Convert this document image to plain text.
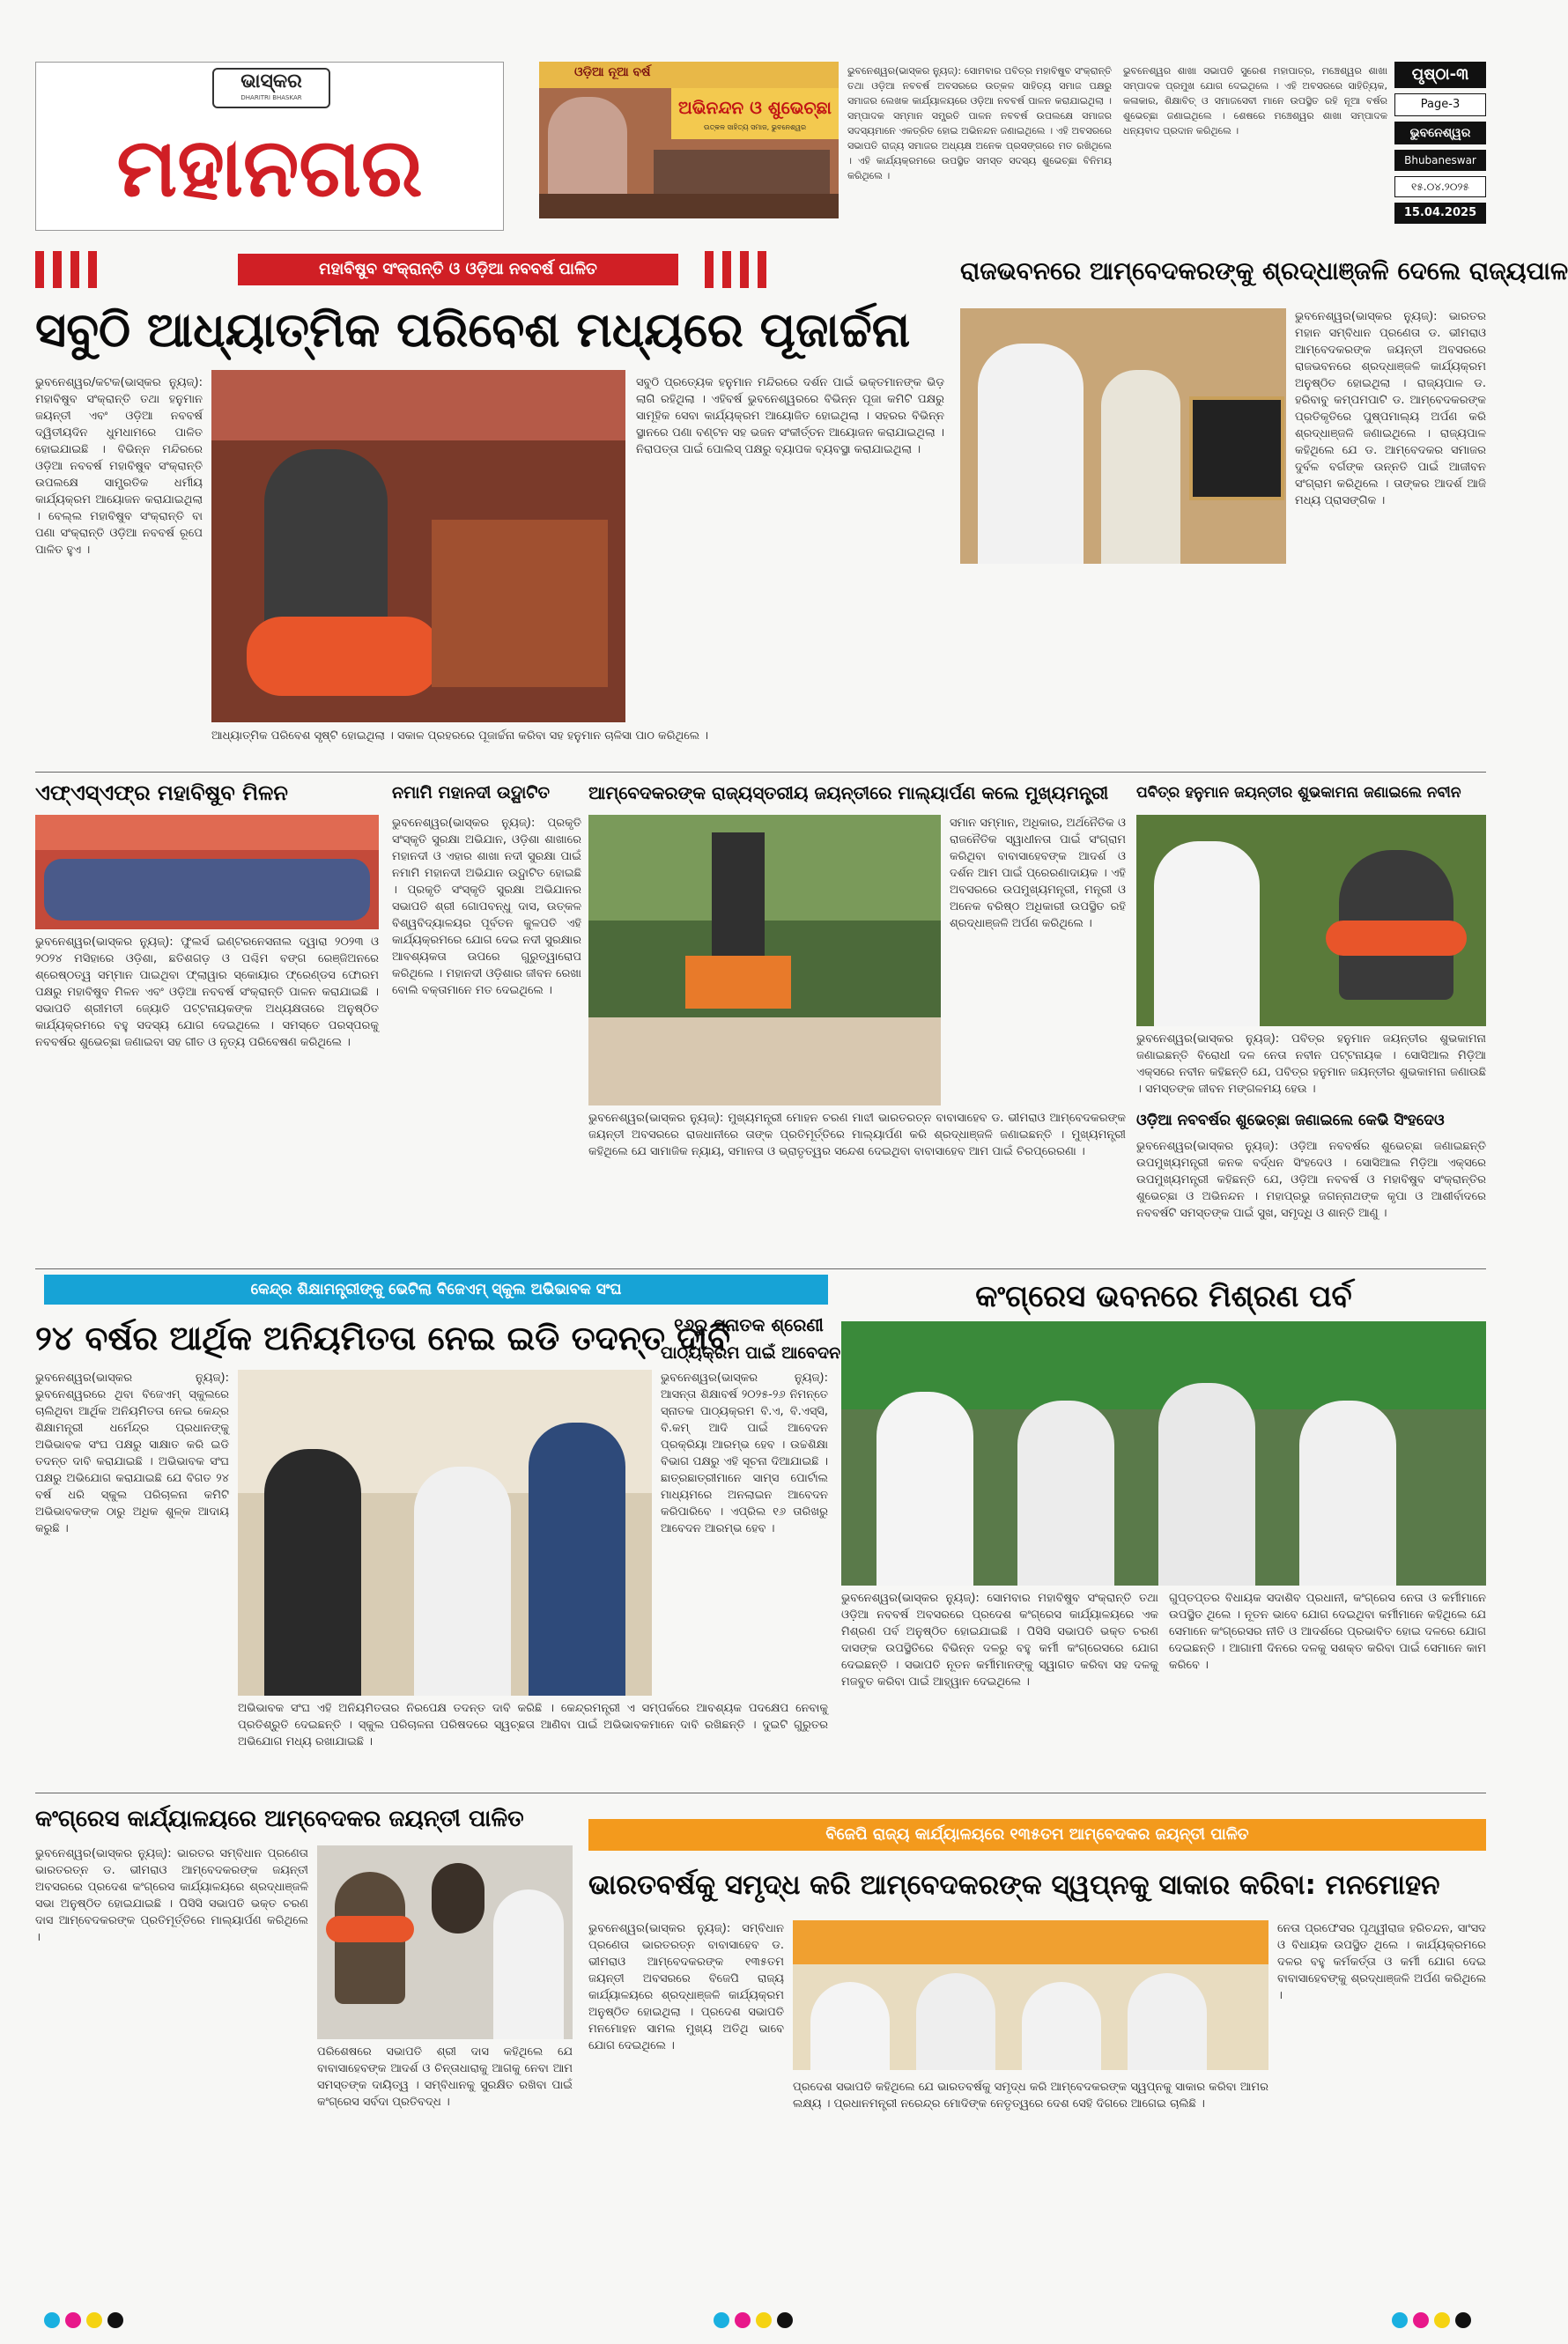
ଭାସ୍କର
DHARITRI BHASKAR
ମହାନଗର
ଓଡ଼ିଆ ନୂଆ ବର୍ଷ
ଅଭିନନ୍ଦନ ଓ ଶୁଭେଚ୍ଛା
ଉତ୍କଳ ସାହିତ୍ୟ ସମାଜ, ଭୁବନେଶ୍ୱର
ଭୁବନେଶ୍ୱର(ଭାସ୍କର ନ୍ୟୁଜ୍): ସୋମବାର ପବିତ୍ର ମହାବିଷୁବ ସଂକ୍ରାନ୍ତି ତଥା ଓଡ଼ିଆ ନବବର୍ଷ ଅବସରରେ ଉତ୍କଳ ସାହିତ୍ୟ ସମାଜ ପକ୍ଷରୁ ସମାଜର ଲେଖକ କାର୍ଯ୍ୟାଳୟରେ ଓଡ଼ିଆ ନବବର୍ଷ ପାଳନ କରାଯାଇଥିଲା । ସମ୍ପାଦକ ସମ୍ମାନ ସମ୍ପ୍ରତି ପାଳନ ନବବର୍ଷ ଉପଲକ୍ଷେ ସମାଜର ସଦସ୍ୟମାନେ ଏକତ୍ରିତ ହୋଇ ଅଭିନନ୍ଦନ ଜଣାଇଥିଲେ । ଏହି ଅବସରରେ ସଭାପତି ରାଜ୍ୟ ସମାଜର ଅଧ୍ୟକ୍ଷ ଅନେକ ପ୍ରସଙ୍ଗରେ ମତ ରଖିଥିଲେ । ଏହି କାର୍ଯ୍ୟକ୍ରମରେ ଉପସ୍ଥିତ ସମସ୍ତ ସଦସ୍ୟ ଶୁଭେଚ୍ଛା ବିନିମୟ କରିଥିଲେ ।
ଭୁବନେଶ୍ୱର ଶାଖା ସଭାପତି ସୁରେଶ ମହାପାତ୍ର, ମଞ୍ଚେଶ୍ୱର ଶାଖା ସମ୍ପାଦକ ପ୍ରମୁଖ ଯୋଗ ଦେଇଥିଲେ । ଏହି ଅବସରରେ ସାହିତ୍ୟିକ, କଳାକାର, ଶିକ୍ଷାବିତ୍ ଓ ସମାଜସେବୀ ମାନେ ଉପସ୍ଥିତ ରହି ନୂଆ ବର୍ଷର ଶୁଭେଚ୍ଛା ଜଣାଇଥିଲେ । ଶେଷରେ ମଞ୍ଚେଶ୍ୱର ଶାଖା ସମ୍ପାଦକ ଧନ୍ୟବାଦ ପ୍ରଦାନ କରିଥିଲେ ।
ପୃଷ୍ଠା-୩
Page-3
ଭୁବନେଶ୍ୱର
Bhubaneswar
୧୫.୦୪.୨୦୨୫
15.04.2025
ମହାବିଷୁବ ସଂକ୍ରାନ୍ତି ଓ ଓଡ଼ିଆ ନବବର୍ଷ ପାଳିତ
ସବୁଠି ଆଧ୍ୟାତ୍ମିକ ପରିବେଶ ମଧ୍ୟରେ ପୂଜାର୍ଚ୍ଚନା
ଭୁବନେଶ୍ୱର/କଟକ(ଭାସ୍କର ନ୍ୟୁଜ୍): ମହାବିଷୁବ ସଂକ୍ରାନ୍ତି ତଥା ହନୁମାନ ଜୟନ୍ତୀ ଏବଂ ଓଡ଼ିଆ ନବବର୍ଷ ଦ୍ୱିତୀୟଦିନ ଧୁମଧାମରେ ପାଳିତ ହୋଇଯାଇଛି । ବିଭିନ୍ନ ମନ୍ଦିରରେ ଓଡ଼ିଆ ନବବର୍ଷ ମହାବିଷୁବ ସଂକ୍ରାନ୍ତି ଉପଲକ୍ଷେ ସାମ୍ପ୍ରତିକ ଧର୍ମୀୟ କାର୍ଯ୍ୟକ୍ରମ ଆୟୋଜନ କରାଯାଇଥିଲା । ବେଲ୍ଲ ମହାବିଷୁବ ସଂକ୍ରାନ୍ତି ବା ପଣା ସଂକ୍ରାନ୍ତି ଓଡ଼ିଆ ନବବର୍ଷ ରୂପେ ପାଳିତ ହୁଏ ।
ସବୁଠି ପ୍ରତ୍ୟେକ ହନୁମାନ ମନ୍ଦିରରେ ଦର୍ଶନ ପାଇଁ ଭକ୍ତମାନଙ୍କ ଭିଡ଼ ଲାଗି ରହିଥିଲା । ଏହିବର୍ଷ ଭୁବନେଶ୍ୱରରେ ବିଭିନ୍ନ ପୂଜା କମିଟି ପକ୍ଷରୁ ସାମୂହିକ ସେବା କାର୍ଯ୍ୟକ୍ରମ ଆୟୋଜିତ ହୋଇଥିଲା । ସହରର ବିଭିନ୍ନ ସ୍ଥାନରେ ପଣା ବଣ୍ଟନ ସହ ଭଜନ ସଂକୀର୍ତ୍ତନ ଆୟୋଜନ କରାଯାଇଥିଲା । ନିରାପତ୍ତା ପାଇଁ ପୋଲିସ୍ ପକ୍ଷରୁ ବ୍ୟାପକ ବ୍ୟବସ୍ଥା କରାଯାଇଥିଲା ।
ଆଧ୍ୟାତ୍ମିକ ପରିବେଶ ସୃଷ୍ଟି ହୋଇଥିଲା । ସକାଳ ପ୍ରହରରେ ପୂଜାର୍ଚ୍ଚନା କରିବା ସହ ହନୁମାନ ଚାଳିସା ପାଠ କରିଥିଲେ ।
ରାଜଭବନରେ ଆମ୍ବେଦକରଙ୍କୁ ଶ୍ରଦ୍ଧାଞ୍ଜଳି ଦେଲେ ରାଜ୍ୟପାଳ
ଭୁବନେଶ୍ୱର(ଭାସ୍କର ନ୍ୟୁଜ୍): ଭାରତର ମହାନ ସମ୍ବିଧାନ ପ୍ରଣେତା ଡ. ଭୀମରାଓ ଆମ୍ବେଦକରଙ୍କ ଜୟନ୍ତୀ ଅବସରରେ ରାଜଭବନରେ ଶ୍ରଦ୍ଧାଞ୍ଜଳି କାର୍ଯ୍ୟକ୍ରମ ଅନୁଷ୍ଠିତ ହୋଇଥିଲା । ରାଜ୍ୟପାଳ ଡ. ହରିବାବୁ କମ୍ପମପାଟି ଡ. ଆମ୍ବେଦକରଙ୍କ ପ୍ରତିକୃତିରେ ପୁଷ୍ପମାଲ୍ୟ ଅର୍ପଣ କରି ଶ୍ରଦ୍ଧାଞ୍ଜଳି ଜଣାଇଥିଲେ । ରାଜ୍ୟପାଳ କହିଥିଲେ ଯେ ଡ. ଆମ୍ବେଦକର ସମାଜର ଦୁର୍ବଳ ବର୍ଗଙ୍କ ଉନ୍ନତି ପାଇଁ ଆଜୀବନ ସଂଗ୍ରାମ କରିଥିଲେ । ତାଙ୍କର ଆଦର୍ଶ ଆଜି ମଧ୍ୟ ପ୍ରାସଙ୍ଗିକ ।
ଏଫ୍‌ଏସ୍‌ଏଫ୍‌ର ମହାବିଷୁବ ମିଳନ
ଭୁବନେଶ୍ୱର(ଭାସ୍କର ନ୍ୟୁଜ୍): ଫୁଲର୍ସ ଇଣ୍ଟରନେସନାଲ ଦ୍ୱାରା ୨୦୨୩ ଓ ୨୦୨୪ ମସିହାରେ ଓଡ଼ିଶା, ଛତିଶଗଡ଼ ଓ ପଶ୍ଚିମ ବଙ୍ଗ ରେଞ୍ଜିଅନରେ ଶ୍ରେଷ୍ଠତ୍ୱ ସମ୍ମାନ ପାଇଥିବା ଫ୍ଲାୱାର ସ୍କୋୟାର ଫ୍ରେଣ୍ଡସ ଫୋରମ ପକ୍ଷରୁ ମହାବିଷୁବ ମିଳନ ଏବଂ ଓଡ଼ିଆ ନବବର୍ଷ ସଂକ୍ରାନ୍ତି ପାଳନ କରାଯାଇଛି । ସଭାପତି ଶ୍ରୀମତୀ ଜ୍ୟୋତି ପଟ୍ଟନାୟକଙ୍କ ଅଧ୍ୟକ୍ଷତାରେ ଅନୁଷ୍ଠିତ କାର୍ଯ୍ୟକ୍ରମରେ ବହୁ ସଦସ୍ୟ ଯୋଗ ଦେଇଥିଲେ । ସମସ୍ତେ ପରସ୍ପରକୁ ନବବର୍ଷର ଶୁଭେଚ୍ଛା ଜଣାଇବା ସହ ଗୀତ ଓ ନୃତ୍ୟ ପରିବେଷଣ କରିଥିଲେ ।
ନମାମି ମହାନଦୀ ଉଦ୍ଘାଟିତ
ଭୁବନେଶ୍ୱର(ଭାସ୍କର ନ୍ୟୁଜ୍): ପ୍ରକୃତି ସଂସ୍କୃତି ସୁରକ୍ଷା ଅଭିଯାନ, ଓଡ଼ିଶା ଶାଖାରେ ମହାନଦୀ ଓ ଏହାର ଶାଖା ନଦୀ ସୁରକ୍ଷା ପାଇଁ ନମାମି ମହାନଦୀ ଅଭିଯାନ ଉଦ୍ଘାଟିତ ହୋଇଛି । ପ୍ରକୃତି ସଂସ୍କୃତି ସୁରକ୍ଷା ଅଭିଯାନର ସଭାପତି ଶ୍ରୀ ଗୋପବନ୍ଧୁ ଦାସ, ଉତ୍କଳ ବିଶ୍ୱବିଦ୍ୟାଳୟର ପୂର୍ବତନ କୁଳପତି ଏହି କାର୍ଯ୍ୟକ୍ରମରେ ଯୋଗ ଦେଇ ନଦୀ ସୁରକ୍ଷାର ଆବଶ୍ୟକତା ଉପରେ ଗୁରୁତ୍ୱାରୋପ କରିଥିଲେ । ମହାନଦୀ ଓଡ଼ିଶାର ଜୀବନ ରେଖା ବୋଲି ବକ୍ତାମାନେ ମତ ଦେଇଥିଲେ ।
ଆମ୍ବେଦକରଙ୍କ ରାଜ୍ୟସ୍ତରୀୟ ଜୟନ୍ତୀରେ ମାଲ୍ୟାର୍ପଣ କଲେ ମୁଖ୍ୟମନ୍ତ୍ରୀ
ସମାନ ସମ୍ମାନ, ଅଧିକାର, ଅର୍ଥନୈତିକ ଓ ରାଜନୈତିକ ସ୍ୱାଧୀନତା ପାଇଁ ସଂଗ୍ରାମ କରିଥିବା ବାବାସାହେବଙ୍କ ଆଦର୍ଶ ଓ ଦର୍ଶନ ଆମ ପାଇଁ ପ୍ରେରଣାଦାୟକ । ଏହି ଅବସରରେ ଉପମୁଖ୍ୟମନ୍ତ୍ରୀ, ମନ୍ତ୍ରୀ ଓ ଅନେକ ବରିଷ୍ଠ ଅଧିକାରୀ ଉପସ୍ଥିତ ରହି ଶ୍ରଦ୍ଧାଞ୍ଜଳି ଅର୍ପଣ କରିଥିଲେ ।
ଭୁବନେଶ୍ୱର(ଭାସ୍କର ନ୍ୟୁଜ୍): ମୁଖ୍ୟମନ୍ତ୍ରୀ ମୋହନ ଚରଣ ମାଝୀ ଭାରତରତ୍ନ ବାବାସାହେବ ଡ. ଭୀମରାଓ ଆମ୍ବେଦକରଙ୍କ ଜୟନ୍ତୀ ଅବସରରେ ରାଜଧାନୀରେ ତାଙ୍କ ପ୍ରତିମୂର୍ତ୍ତିରେ ମାଲ୍ୟାର୍ପଣ କରି ଶ୍ରଦ୍ଧାଞ୍ଜଳି ଜଣାଇଛନ୍ତି । ମୁଖ୍ୟମନ୍ତ୍ରୀ କହିଥିଲେ ଯେ ସାମାଜିକ ନ୍ୟାୟ, ସମାନତା ଓ ଭ୍ରାତୃତ୍ୱର ସନ୍ଦେଶ ଦେଇଥିବା ବାବାସାହେବ ଆମ ପାଇଁ ଚିରପ୍ରେରଣା ।
ପବିତ୍ର ହନୁମାନ ଜୟନ୍ତୀର ଶୁଭକାମନା ଜଣାଇଲେ ନବୀନ
ଭୁବନେଶ୍ୱର(ଭାସ୍କର ନ୍ୟୁଜ୍): ପବିତ୍ର ହନୁମାନ ଜୟନ୍ତୀର ଶୁଭକାମନା ଜଣାଇଛନ୍ତି ବିରୋଧୀ ଦଳ ନେତା ନବୀନ ପଟ୍ଟନାୟକ । ସୋସିଆଲ ମିଡ଼ିଆ ଏକ୍ସରେ ନବୀନ କହିଛନ୍ତି ଯେ, ପବିତ୍ର ହନୁମାନ ଜୟନ୍ତୀର ଶୁଭକାମନା ଜଣାଉଛି । ସମସ୍ତଙ୍କ ଜୀବନ ମଙ୍ଗଳମୟ ହେଉ ।
ଓଡ଼ିଆ ନବବର୍ଷର ଶୁଭେଚ୍ଛା ଜଣାଇଲେ କେଭି ସିଂହଦେଓ
ଭୁବନେଶ୍ୱର(ଭାସ୍କର ନ୍ୟୁଜ୍): ଓଡ଼ିଆ ନବବର୍ଷର ଶୁଭେଚ୍ଛା ଜଣାଇଛନ୍ତି ଉପମୁଖ୍ୟମନ୍ତ୍ରୀ କନକ ବର୍ଦ୍ଧନ ସିଂହଦେଓ । ସୋସିଆଲ ମିଡ଼ିଆ ଏକ୍ସରେ ଉପମୁଖ୍ୟମନ୍ତ୍ରୀ କହିଛନ୍ତି ଯେ, ଓଡ଼ିଆ ନବବର୍ଷ ଓ ମହାବିଷୁବ ସଂକ୍ରାନ୍ତିର ଶୁଭେଚ୍ଛା ଓ ଅଭିନନ୍ଦନ । ମହାପ୍ରଭୁ ଜଗନ୍ନାଥଙ୍କ କୃପା ଓ ଆଶୀର୍ବାଦରେ ନବବର୍ଷଟି ସମସ୍ତଙ୍କ ପାଇଁ ସୁଖ, ସମୃଦ୍ଧି ଓ ଶାନ୍ତି ଆଣୁ ।
କେନ୍ଦ୍ର ଶିକ୍ଷାମନ୍ତ୍ରୀଙ୍କୁ ଭେଟିଲା ବିଜେଏମ୍ ସ୍କୁଲ ଅଭିଭାବକ ସଂଘ
୨୪ ବର୍ଷର ଆର୍ଥିକ ଅନିୟମିତତା ନେଇ ଇଡି ତଦନ୍ତ ଦାବି
ଭୁବନେଶ୍ୱର(ଭାସ୍କର ନ୍ୟୁଜ୍): ଭୁବନେଶ୍ୱରରେ ଥିବା ବିଜେଏମ୍ ସ୍କୁଲରେ ଚାଲିଥିବା ଆର୍ଥିକ ଅନିୟମିତତା ନେଇ କେନ୍ଦ୍ର ଶିକ୍ଷାମନ୍ତ୍ରୀ ଧର୍ମେନ୍ଦ୍ର ପ୍ରଧାନଙ୍କୁ ଅଭିଭାବକ ସଂଘ ପକ୍ଷରୁ ସାକ୍ଷାତ କରି ଇଡି ତଦନ୍ତ ଦାବି କରାଯାଇଛି । ଅଭିଭାବକ ସଂଘ ପକ୍ଷରୁ ଅଭିଯୋଗ କରାଯାଇଛି ଯେ ବିଗତ ୨୪ ବର୍ଷ ଧରି ସ୍କୁଲ ପରିଚାଳନା କମିଟି ଅଭିଭାବକଙ୍କ ଠାରୁ ଅଧିକ ଶୁଳ୍କ ଆଦାୟ କରୁଛି ।
ଅଭିଭାବକ ସଂଘ ଏହି ଅନିୟମିତତାର ନିରପେକ୍ଷ ତଦନ୍ତ ଦାବି କରିଛି । କେନ୍ଦ୍ରମନ୍ତ୍ରୀ ଏ ସମ୍ପର୍କରେ ଆବଶ୍ୟକ ପଦକ୍ଷେପ ନେବାକୁ ପ୍ରତିଶ୍ରୁତି ଦେଇଛନ୍ତି । ସ୍କୁଲ ପରିଚାଳନା ପରିଷଦରେ ସ୍ୱଚ୍ଛତା ଆଣିବା ପାଇଁ ଅଭିଭାବକମାନେ ଦାବି ରଖିଛନ୍ତି । ଦୁଇଟି ଗୁରୁତର ଅଭିଯୋଗ ମଧ୍ୟ ରଖାଯାଇଛି ।
୧୬ରୁ ସ୍ନାତକ ଶ୍ରେଣୀ
ପାଠ୍ୟକ୍ରମ ପାଇଁ ଆବେଦନ
ଭୁବନେଶ୍ୱର(ଭାସ୍କର ନ୍ୟୁଜ୍): ଆସନ୍ତା ଶିକ୍ଷାବର୍ଷ ୨୦୨୫-୨୬ ନିମନ୍ତେ ସ୍ନାତକ ପାଠ୍ୟକ୍ରମ ବି.ଏ, ବି.ଏସ୍‌ସି, ବି.କମ୍ ଆଦି ପାଇଁ ଆବେଦନ ପ୍ରକ୍ରିୟା ଆରମ୍ଭ ହେବ । ଉଚ୍ଚଶିକ୍ଷା ବିଭାଗ ପକ୍ଷରୁ ଏହି ସୂଚନା ଦିଆଯାଇଛି । ଛାତ୍ରଛାତ୍ରୀମାନେ ସାମ୍ସ ପୋର୍ଟାଲ ମାଧ୍ୟମରେ ଅନଲାଇନ ଆବେଦନ କରିପାରିବେ । ଏପ୍ରିଲ ୧୬ ତାରିଖରୁ ଆବେଦନ ଆରମ୍ଭ ହେବ ।
କଂଗ୍ରେସ ଭବନରେ ମିଶ୍ରଣ ପର୍ବ
ଭୁବନେଶ୍ୱର(ଭାସ୍କର ନ୍ୟୁଜ୍): ସୋମବାର ମହାବିଷୁବ ସଂକ୍ରାନ୍ତି ତଥା ଓଡ଼ିଆ ନବବର୍ଷ ଅବସରରେ ପ୍ରଦେଶ କଂଗ୍ରେସ କାର୍ଯ୍ୟାଳୟରେ ଏକ ମିଶ୍ରଣ ପର୍ବ ଅନୁଷ୍ଠିତ ହୋଇଯାଇଛି । ପିସିସି ସଭାପତି ଭକ୍ତ ଚରଣ ଦାସଙ୍କ ଉପସ୍ଥିତିରେ ବିଭିନ୍ନ ଦଳରୁ ବହୁ କର୍ମୀ କଂଗ୍ରେସରେ ଯୋଗ ଦେଇଛନ୍ତି । ସଭାପତି ନୂତନ କର୍ମୀମାନଙ୍କୁ ସ୍ୱାଗତ କରିବା ସହ ଦଳକୁ ମଜବୁତ କରିବା ପାଇଁ ଆହ୍ୱାନ ଦେଇଥିଲେ ।
ଗୁପ୍ତପ୍ତର ବିଧାୟକ ସଦାଶିବ ପ୍ରଧାନୀ, କଂଗ୍ରେସ ନେତା ଓ କର୍ମୀମାନେ ଉପସ୍ଥିତ ଥିଲେ । ନୂତନ ଭାବେ ଯୋଗ ଦେଇଥିବା କର୍ମୀମାନେ କହିଥିଲେ ଯେ ସେମାନେ କଂଗ୍ରେସର ନୀତି ଓ ଆଦର୍ଶରେ ପ୍ରଭାବିତ ହୋଇ ଦଳରେ ଯୋଗ ଦେଇଛନ୍ତି । ଆଗାମୀ ଦିନରେ ଦଳକୁ ସଶକ୍ତ କରିବା ପାଇଁ ସେମାନେ କାମ କରିବେ ।
କଂଗ୍ରେସ କାର୍ଯ୍ୟାଳୟରେ ଆମ୍ବେଦକର ଜୟନ୍ତୀ ପାଳିତ
ଭୁବନେଶ୍ୱର(ଭାସ୍କର ନ୍ୟୁଜ୍): ଭାରତର ସମ୍ବିଧାନ ପ୍ରଣେତା ଭାରତରତ୍ନ ଡ. ଭୀମରାଓ ଆମ୍ବେଦକରଙ୍କ ଜୟନ୍ତୀ ଅବସରରେ ପ୍ରଦେଶ କଂଗ୍ରେସ କାର୍ଯ୍ୟାଳୟରେ ଶ୍ରଦ୍ଧାଞ୍ଜଳି ସଭା ଅନୁଷ୍ଠିତ ହୋଇଯାଇଛି । ପିସିସି ସଭାପତି ଭକ୍ତ ଚରଣ ଦାସ ଆମ୍ବେଦକରଙ୍କ ପ୍ରତିମୂର୍ତ୍ତିରେ ମାଲ୍ୟାର୍ପଣ କରିଥିଲେ ।
ପରିଶେଷରେ ସଭାପତି ଶ୍ରୀ ଦାସ କହିଥିଲେ ଯେ ବାବାସାହେବଙ୍କ ଆଦର୍ଶ ଓ ଚିନ୍ତାଧାରାକୁ ଆଗକୁ ନେବା ଆମ ସମସ୍ତଙ୍କ ଦାୟିତ୍ୱ । ସମ୍ବିଧାନକୁ ସୁରକ୍ଷିତ ରଖିବା ପାଇଁ କଂଗ୍ରେସ ସର୍ବଦା ପ୍ରତିବଦ୍ଧ ।
ବିଜେପି ରାଜ୍ୟ କାର୍ଯ୍ୟାଳୟରେ ୧୩୫ତମ ଆମ୍ବେଦକର ଜୟନ୍ତୀ ପାଳିତ
ଭାରତବର୍ଷକୁ ସମୃଦ୍ଧ କରି ଆମ୍ବେଦକରଙ୍କ ସ୍ୱପ୍ନକୁ ସାକାର କରିବା: ମନମୋହନ
ଭୁବନେଶ୍ୱର(ଭାସ୍କର ନ୍ୟୁଜ୍): ସମ୍ବିଧାନ ପ୍ରଣେତା ଭାରତରତ୍ନ ବାବାସାହେବ ଡ. ଭୀମରାଓ ଆମ୍ବେଦକରଙ୍କ ୧୩୫ତମ ଜୟନ୍ତୀ ଅବସରରେ ବିଜେପି ରାଜ୍ୟ କାର୍ଯ୍ୟାଳୟରେ ଶ୍ରଦ୍ଧାଞ୍ଜଳି କାର୍ଯ୍ୟକ୍ରମ ଅନୁଷ୍ଠିତ ହୋଇଥିଲା । ପ୍ରଦେଶ ସଭାପତି ମନମୋହନ ସାମଲ ମୁଖ୍ୟ ଅତିଥି ଭାବେ ଯୋଗ ଦେଇଥିଲେ ।
ପ୍ରଦେଶ ସଭାପତି କହିଥିଲେ ଯେ ଭାରତବର୍ଷକୁ ସମୃଦ୍ଧ କରି ଆମ୍ବେଦକରଙ୍କ ସ୍ୱପ୍ନକୁ ସାକାର କରିବା ଆମର ଲକ୍ଷ୍ୟ । ପ୍ରଧାନମନ୍ତ୍ରୀ ନରେନ୍ଦ୍ର ମୋଦିଙ୍କ ନେତୃତ୍ୱରେ ଦେଶ ସେହି ଦିଗରେ ଆଗେଇ ଚାଲିଛି ।
ନେତା ପ୍ରଫେସର ପୃଥ୍ୱୀରାଜ ହରିଚନ୍ଦନ, ସାଂସଦ ଓ ବିଧାୟକ ଉପସ୍ଥିତ ଥିଲେ । କାର୍ଯ୍ୟକ୍ରମରେ ଦଳର ବହୁ କର୍ମକର୍ତ୍ତା ଓ କର୍ମୀ ଯୋଗ ଦେଇ ବାବାସାହେବଙ୍କୁ ଶ୍ରଦ୍ଧାଞ୍ଜଳି ଅର୍ପଣ କରିଥିଲେ ।
